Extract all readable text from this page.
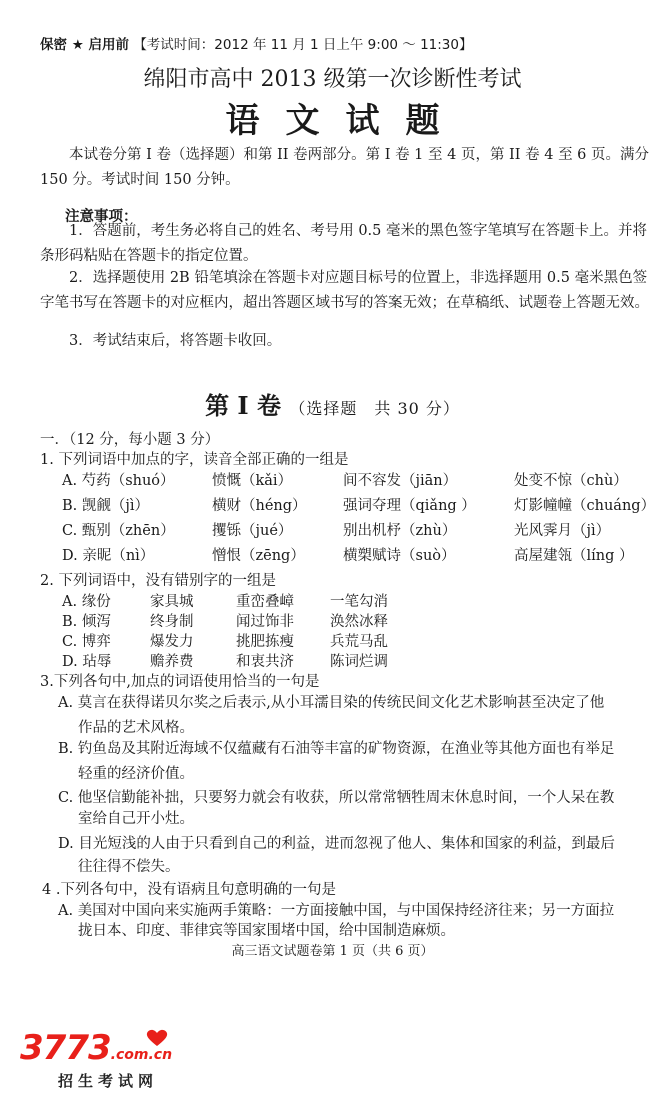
保密 ★ 启用前 【考试时间：2012 年 11 月 1 日上午 9:00 ～ 11:30】
绵阳市高中 2013 级第一次诊断性考试
语文试题
本试卷分第 I 卷（选择题）和第 II 卷两部分。第 I 卷 1 至 4 页，第 II 卷 4 至 6 页。满分 150 分。考试时间 150 分钟。
注意事项：
1．答题前，考生务必将自己的姓名、考号用 0.5 毫米的黑色签字笔填写在答题卡上。并将条形码粘贴在答题卡的指定位置。
2．选择题使用 2B 铅笔填涂在答题卡对应题目标号的位置上，非选择题用 0.5 毫米黑色签字笔书写在答题卡的对应框内，超出答题区域书写的答案无效；在草稿纸、试题卷上答题无效。
3．考试结束后，将答题卡收回。
第 I 卷 （选择题　共 30 分）
一．（12 分，每小题 3 分）
1. 下列词语中加点的字，读音全部正确的一组是
A. 芍药（shuó）	愤慨（kǎi）	间不容发（jiān）	处变不惊（chù）
B. 觊觎（jì）	横财（héng）	强词夺理（qiǎng ）	灯影幢幢（chuáng）
C. 甄别（zhēn）	攫铄（jué）	别出机杼（zhù）	光风霁月（jì）
D. 亲昵（nì）	憎恨（zēng）	横槊赋诗（suò）	高屋建瓴（líng ）
2. 下列词语中，没有错别字的一组是
A. 缘份	家具城	重峦叠嶂 一笔勾消
B. 倾泻	终身制	闻过饰非 涣然冰释
C. 博弈	爆发力	挑肥拣瘦 兵荒马乱
D. 玷辱	赡养费	和衷共济 陈词烂调
3.下列各句中,加点的词语使用恰当的一句是
A. 莫言在获得诺贝尔奖之后表示,从小耳濡目染的传统民间文化艺术影响甚至决定了他
作品的艺术风格。
B. 钓鱼岛及其附近海域不仅蕴藏有石油等丰富的矿物资源，在渔业等其他方面也有举足
轻重的经济价值。
C. 他坚信勤能补拙，只要努力就会有收获，所以常常牺牲周末休息时间，一个人呆在教
室给自己开小灶。
D. 目光短浅的人由于只看到自己的利益，进而忽视了他人、集体和国家的利益，到最后
往往得不偿失。
4 .下列各句中，没有语病且句意明确的一句是
A. 美国对中国向来实施两手策略：一方面接触中国，与中国保持经济往来；另一方面拉
拢日本、印度、菲律宾等国家围堵中国，给中国制造麻烦。
高三语文试题卷第 1 页（共 6 页）
3773.com.cn
招生考试网
